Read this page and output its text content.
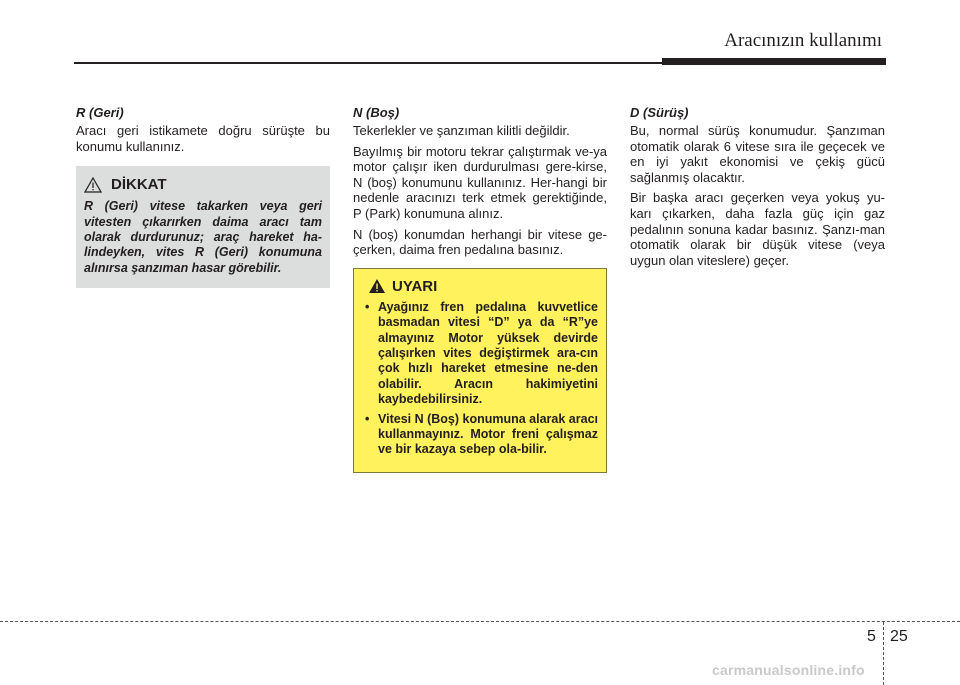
Aracınızın kullanımı
R (Geri)

Aracı geri istikamete doğru sürüşte bu konumu kullanınız.

DİKKAT

R (Geri) vitese takarken veya geri vitesten çıkarırken daima aracı tam olarak durdurunuz; araç hareket ha-lindeyken, vites R (Geri) konumuna alınırsa şanzıman hasar görebilir.

N (Boş)

Tekerlekler ve şanzıman kilitli değildir.

Bayılmış bir motoru tekrar çalıştırmak ve-ya motor çalışır iken durdurulması gere-kirse, N (boş) konumunu kullanınız. Her-hangi bir nedenle aracınızı terk etmek gerektiğinde, P (Park) konumuna alınız.

N (boş) konumdan herhangi bir vitese ge-çerken, daima fren pedalına basınız.

UYARI
• Ayağınız fren pedalına kuvvetlice basmadan vitesi “D” ya da “R”ye almayınız Motor yüksek devirde çalışırken vites değiştirmek ara-cın çok hızlı hareket etmesine ne-den olabilir. Aracın hakimiyetini kaybedebilirsiniz.
• Vitesi N (Boş) konumuna alarak aracı kullanmayınız. Motor freni çalışmaz ve bir kazaya sebep ola-bilir.
D (Sürüş)

Bu, normal sürüş konumudur. Şanzıman otomatik olarak 6 vitese sıra ile geçecek ve en iyi yakıt ekonomisi ve çekiş gücü sağlanmış olacaktır.

Bir başka aracı geçerken veya yokuş yu-karı çıkarken, daha fazla güç için gaz pedalının sonuna kadar basınız. Şanzı-man otomatik olarak bir düşük vitese (veya uygun olan viteslere) geçer.

5 25
carmanualsonline.info
